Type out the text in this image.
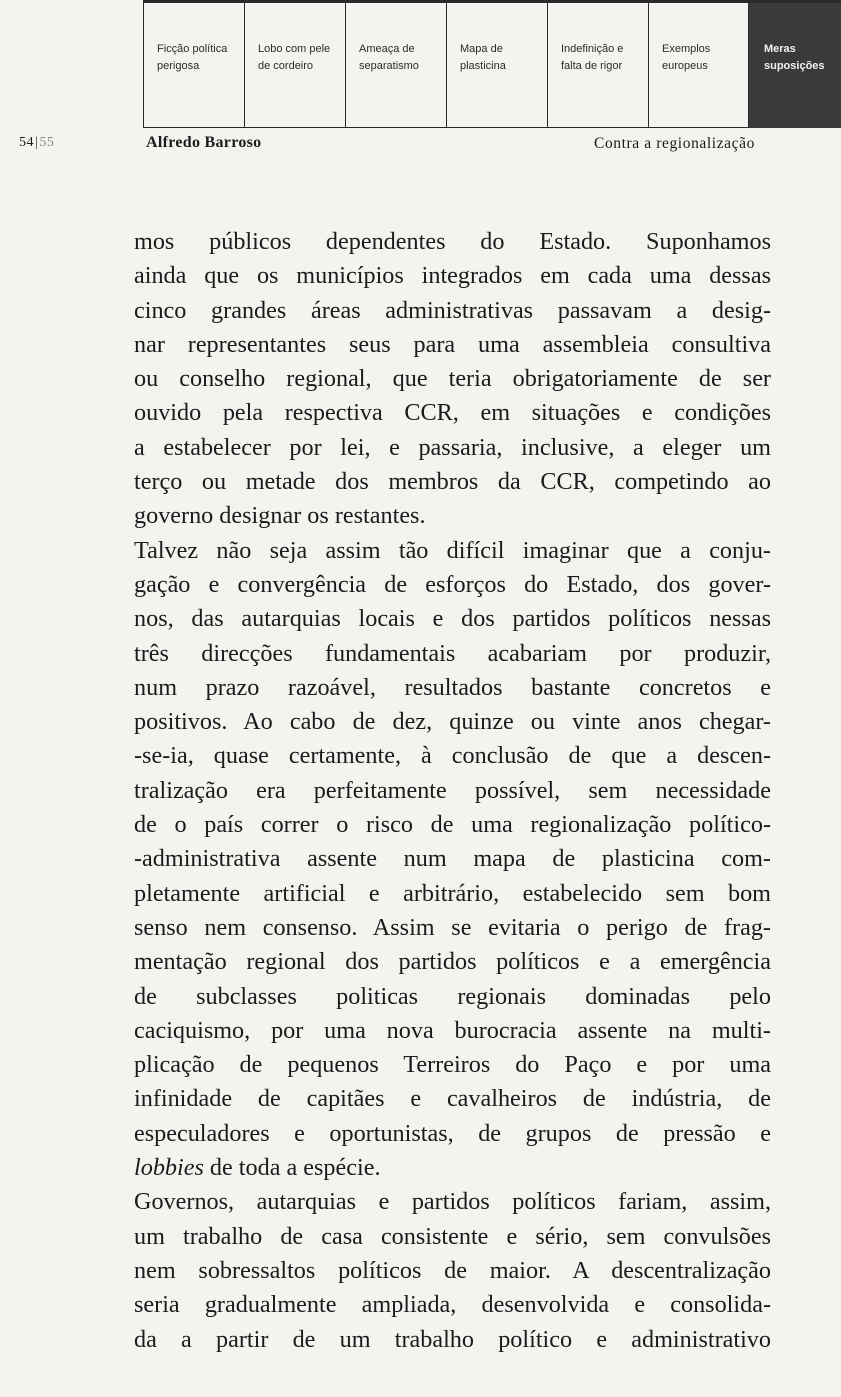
Ficção política
perigosa
Lobo com pele
de cordeiro
Ameaça de
separatismo
Mapa de
plasticina
Indefinição e
falta de rigor
Exemplos
europeus
Meras
suposições
54|55	Alfredo Barroso	Contra a regionalização
mos públicos dependentes do Estado. Suponhamos
ainda que os municípios integrados em cada uma dessas
cinco grandes áreas administrativas passavam a desig-
nar representantes seus para uma assembleia consultiva
ou conselho regional, que teria obrigatoriamente de ser
ouvido pela respectiva CCR, em situações e condições
a estabelecer por lei, e passaria, inclusive, a eleger um
terço ou metade dos membros da CCR, competindo ao
governo designar os restantes.
Talvez não seja assim tão difícil imaginar que a conju-
gação e convergência de esforços do Estado, dos gover-
nos, das autarquias locais e dos partidos políticos nessas
três direcções fundamentais acabariam por produzir,
num prazo razoável, resultados bastante concretos e
positivos. Ao cabo de dez, quinze ou vinte anos chegar-
-se-ia, quase certamente, à conclusão de que a descen-
tralização era perfeitamente possível, sem necessidade
de o país correr o risco de uma regionalização político-
-administrativa assente num mapa de plasticina com-
pletamente artificial e arbitrário, estabelecido sem bom
senso nem consenso. Assim se evitaria o perigo de frag-
mentação regional dos partidos políticos e a emergência
de subclasses politicas regionais dominadas pelo
caciquismo, por uma nova burocracia assente na multi-
plicação de pequenos Terreiros do Paço e por uma
infinidade de capitães e cavalheiros de indústria, de
especuladores e oportunistas, de grupos de pressão e
lobbies de toda a espécie.
Governos, autarquias e partidos políticos fariam, assim,
um trabalho de casa consistente e sério, sem convulsões
nem sobressaltos políticos de maior. A descentralização
seria gradualmente ampliada, desenvolvida e consolida-
da a partir de um trabalho político e administrativo
